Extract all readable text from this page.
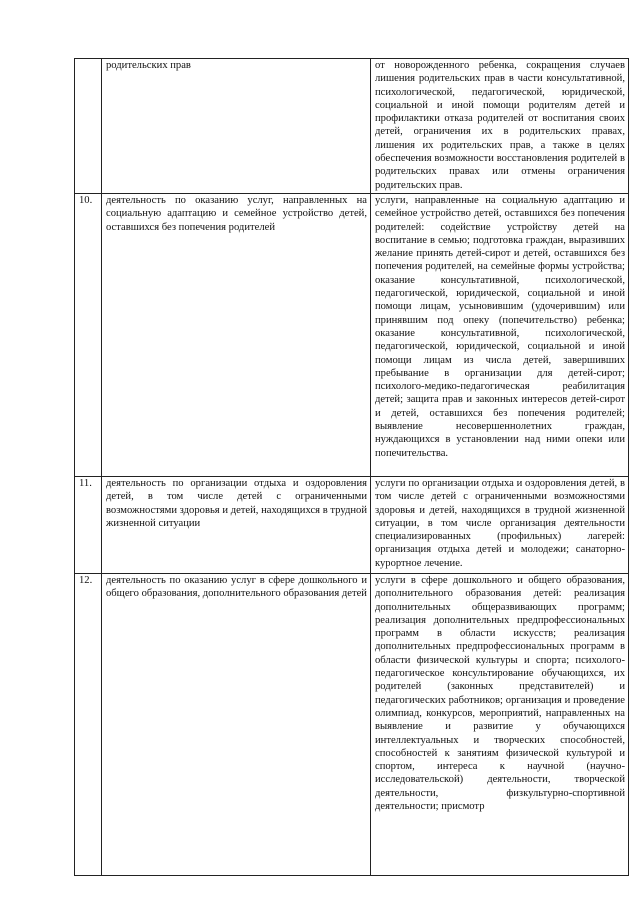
	родительских прав	от новорожденного ребенка, сокращения случаев лишения родительских прав в части консультативной, психологической, педагогической, юридической, социальной и иной помощи родителям детей и профилактики отказа родителей от воспитания своих детей, ограничения их в родительских правах, лишения их родительских прав, а также в целях обеспечения возможности восстановления родителей в родительских правах или отмены ограничения родительских прав.

10.	деятельность по оказанию услуг, направленных на социальную адаптацию и семейное устройство детей, оставшихся без попечения родителей	услуги, направленные на социальную адаптацию и семейное устройство детей, оставшихся без попечения родителей: содействие устройству детей на воспитание в семью; подготовка граждан, выразивших желание принять детей-сирот и детей, оставшихся без попечения родителей, на семейные формы устройства; оказание консультативной, психологической, педагогической, юридической, социальной и иной помощи лицам, усыновившим (удочерившим) или принявшим под опеку (попечительство) ребенка; оказание консультативной, психологической, педагогической, юридической, социальной и иной помощи лицам из числа детей, завершивших пребывание в организации для детей-сирот; психолого-медико-педагогическая реабилитация детей; защита прав и законных интересов детей-сирот и детей, оставшихся без попечения родителей; выявление несовершеннолетних граждан, нуждающихся в установлении над ними опеки или попечительства.

11.	деятельность по организации отдыха и оздоровления детей, в том числе детей с ограниченными возможностями здоровья и детей, находящихся в трудной жизненной ситуации	услуги по организации отдыха и оздоровления детей, в том числе детей с ограниченными возможностями здоровья и детей, находящихся в трудной жизненной ситуации, в том числе организация деятельности специализированных (профильных) лагерей: организация отдыха детей и молодежи; санаторно-курортное лечение.

12.	деятельность по оказанию услуг в сфере дошкольного и общего образования, дополнительного образования детей	услуги в сфере дошкольного и общего образования, дополнительного образования детей: реализация дополнительных общеразвивающих программ; реализация дополнительных предпрофессиональных программ в области искусств; реализация дополнительных предпрофессиональных программ в области физической культуры и спорта; психолого-педагогическое консультирование обучающихся, их родителей (законных представителей) и педагогических работников; организация и проведение олимпиад, конкурсов, мероприятий, направленных на выявление и развитие у обучающихся интеллектуальных и творческих способностей, способностей к занятиям физической культурой и спортом, интереса к научной (научно-исследовательской) деятельности, творческой деятельности, физкультурно-спортивной деятельности; присмотр
